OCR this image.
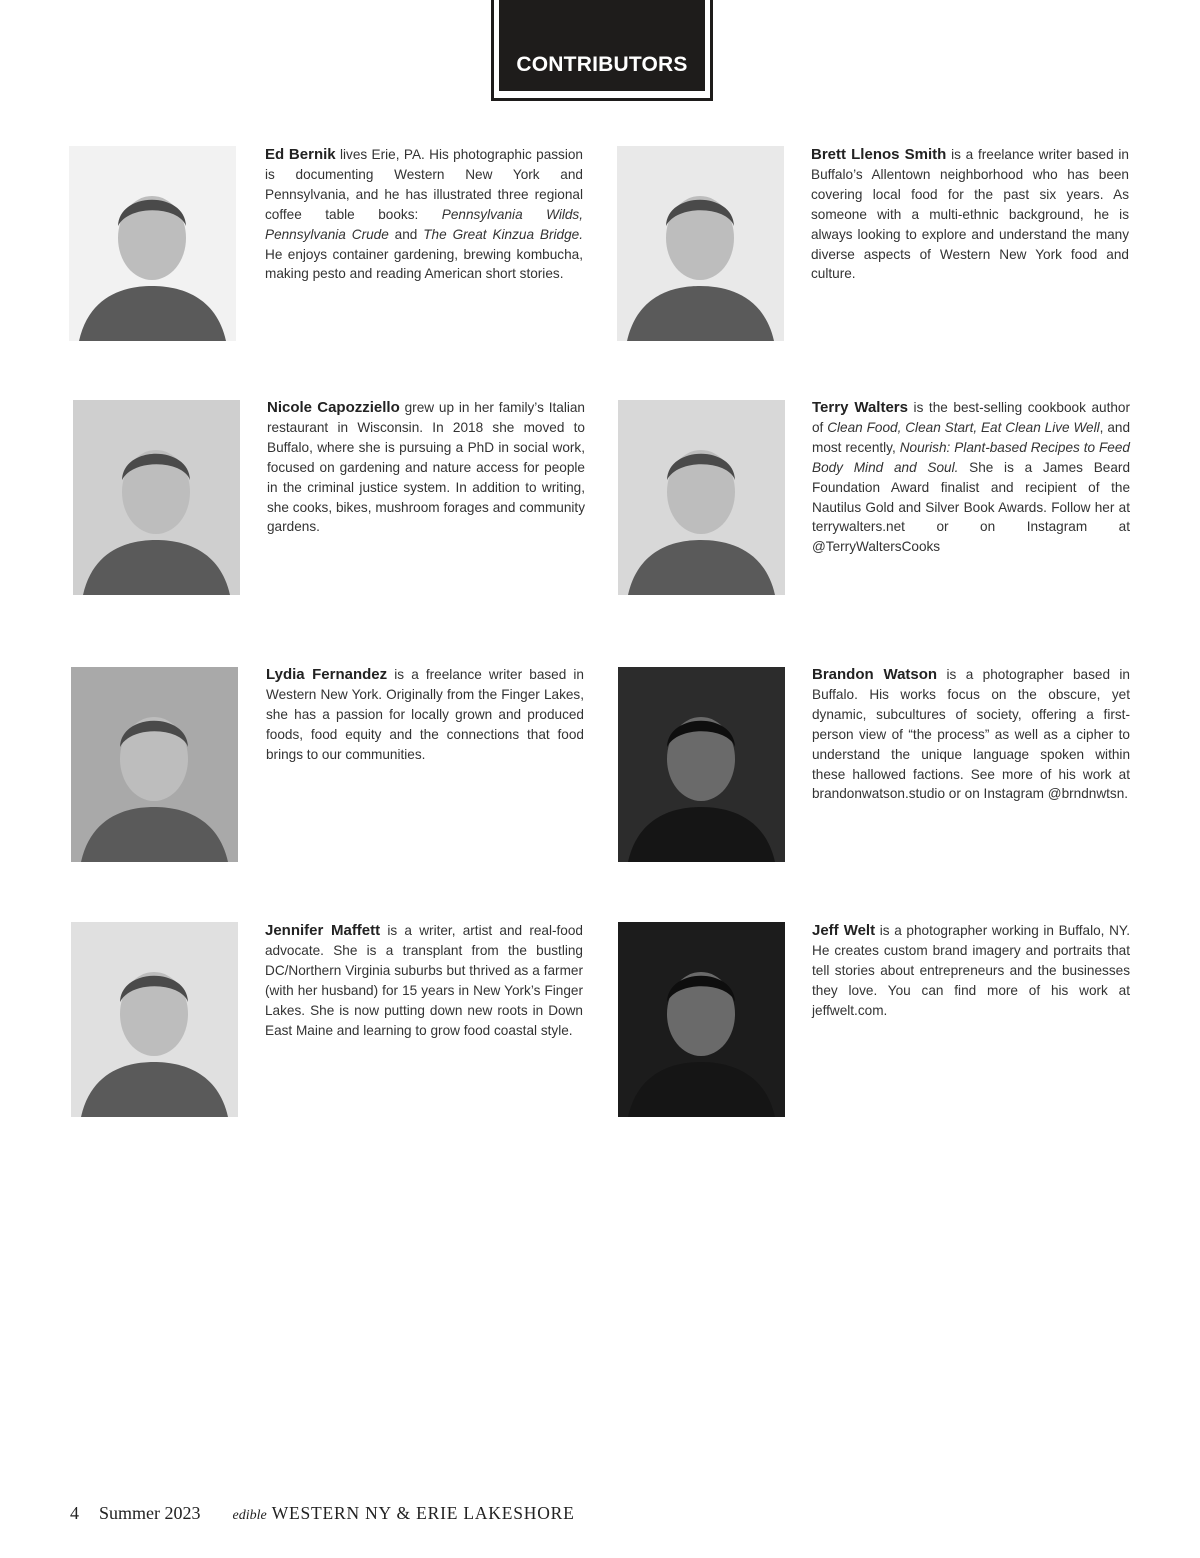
CONTRIBUTORS
Ed Bernik lives Erie, PA. His photographic passion is documenting Western New York and Pennsylvania, and he has illustrated three regional coffee table books: Pennsylvania Wilds, Pennsylvania Crude and The Great Kinzua Bridge. He enjoys container gardening, brewing kombucha, making pesto and reading American short stories.
Brett Llenos Smith is a freelance writer based in Buffalo’s Allentown neighborhood who has been covering local food for the past six years. As someone with a multi-ethnic background, he is always looking to explore and understand the many diverse aspects of Western New York food and culture.
Nicole Capozziello grew up in her family’s Italian restaurant in Wisconsin. In 2018 she moved to Buffalo, where she is pursuing a PhD in social work, focused on gardening and nature access for people in the criminal justice system. In addition to writing, she cooks, bikes, mushroom forages and community gardens.
Terry Walters is the best-selling cookbook author of Clean Food, Clean Start, Eat Clean Live Well, and most recently, Nourish: Plant-based Recipes to Feed Body Mind and Soul. She is a James Beard Foundation Award finalist and recipient of the Nautilus Gold and Silver Book Awards. Follow her at terrywalters.net or on Instagram at @TerryWaltersCooks
Lydia Fernandez is a freelance writer based in Western New York. Originally from the Finger Lakes, she has a passion for locally grown and produced foods, food equity and the connections that food brings to our communities.
Brandon Watson is a photographer based in Buffalo. His works focus on the obscure, yet dynamic, subcultures of society, offering a first-person view of “the process” as well as a cipher to understand the unique language spoken within these hallowed factions. See more of his work at brandonwatson.studio or on Instagram @brndnwtsn.
Jennifer Maffett is a writer, artist and real-food advocate. She is a transplant from the bustling DC/Northern Virginia suburbs but thrived as a farmer (with her husband) for 15 years in New York’s Finger Lakes. She is now putting down new roots in Down East Maine and learning to grow food coastal style.
Jeff Welt is a photographer working in Buffalo, NY. He creates custom brand imagery and portraits that tell stories about entrepreneurs and the businesses they love. You can find more of his work at jeffwelt.com.
4 Summer 2023 edible WESTERN NY & ERIE LAKESHORE
